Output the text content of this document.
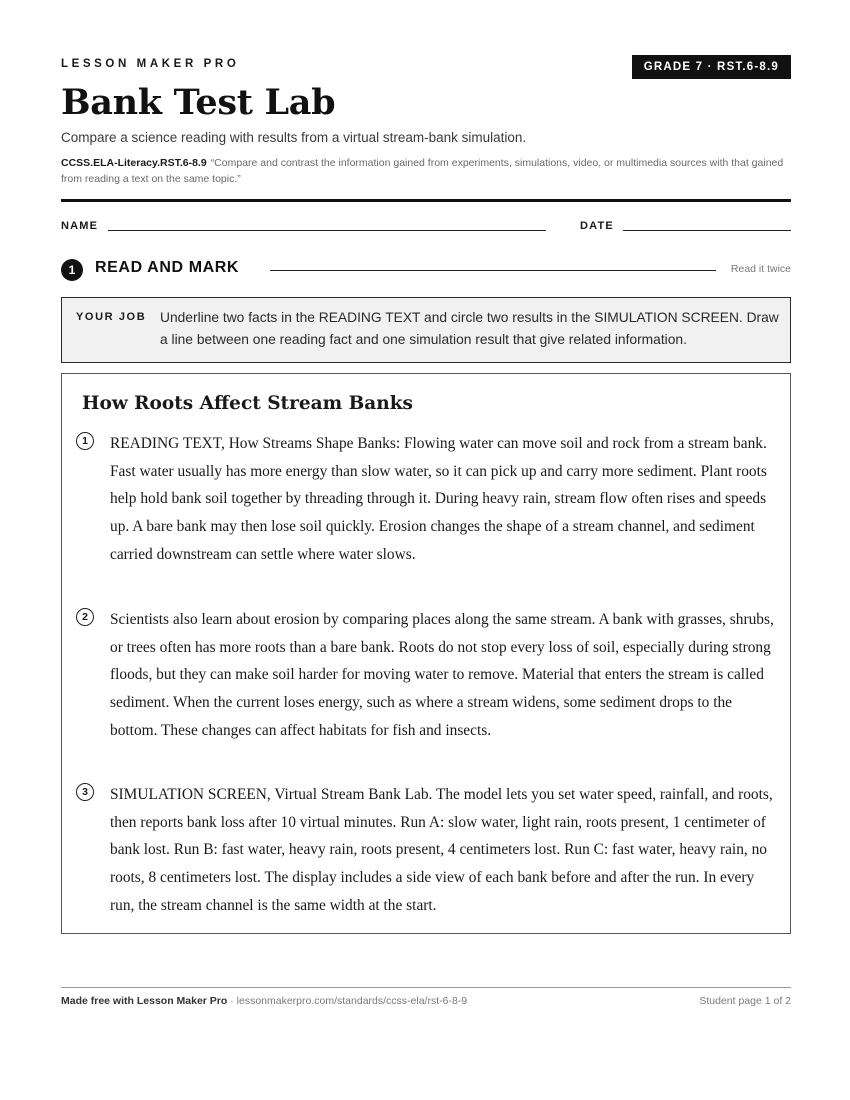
LESSON MAKER PRO	GRADE 7 · RST.6-8.9
Bank Test Lab
Compare a science reading with results from a virtual stream-bank simulation.
CCSS.ELA-Literacy.RST.6-8.9 “Compare and contrast the information gained from experiments, simulations, video, or multimedia sources with that gained from reading a text on the same topic.”
NAME	DATE
1	READ AND MARK	Read it twice
YOUR JOB Underline two facts in the READING TEXT and circle two results in the SIMULATION SCREEN. Draw a line between one reading fact and one simulation result that give related information.
How Roots Affect Stream Banks
1	READING TEXT, How Streams Shape Banks: Flowing water can move soil and rock from a stream bank. Fast water usually has more energy than slow water, so it can pick up and carry more sediment. Plant roots help hold bank soil together by threading through it. During heavy rain, stream flow often rises and speeds up. A bare bank may then lose soil quickly. Erosion changes the shape of a stream channel, and sediment carried downstream can settle where water slows.

2	Scientists also learn about erosion by comparing places along the same stream. A bank with grasses, shrubs, or trees often has more roots than a bare bank. Roots do not stop every loss of soil, especially during strong floods, but they can make soil harder for moving water to remove. Material that enters the stream is called sediment. When the current loses energy, such as where a stream widens, some sediment drops to the bottom. These changes can affect habitats for fish and insects.

3	SIMULATION SCREEN, Virtual Stream Bank Lab. The model lets you set water speed, rainfall, and roots, then reports bank loss after 10 virtual minutes. Run A: slow water, light rain, roots present, 1 centimeter of bank lost. Run B: fast water, heavy rain, roots present, 4 centimeters lost. Run C: fast water, heavy rain, no roots, 8 centimeters lost. The display includes a side view of each bank before and after the run. In every run, the stream channel is the same width at the start.

Made free with Lesson Maker Pro · lessonmakerpro.com/standards/ccss-ela/rst-6-8-9	Student page 1 of 2
